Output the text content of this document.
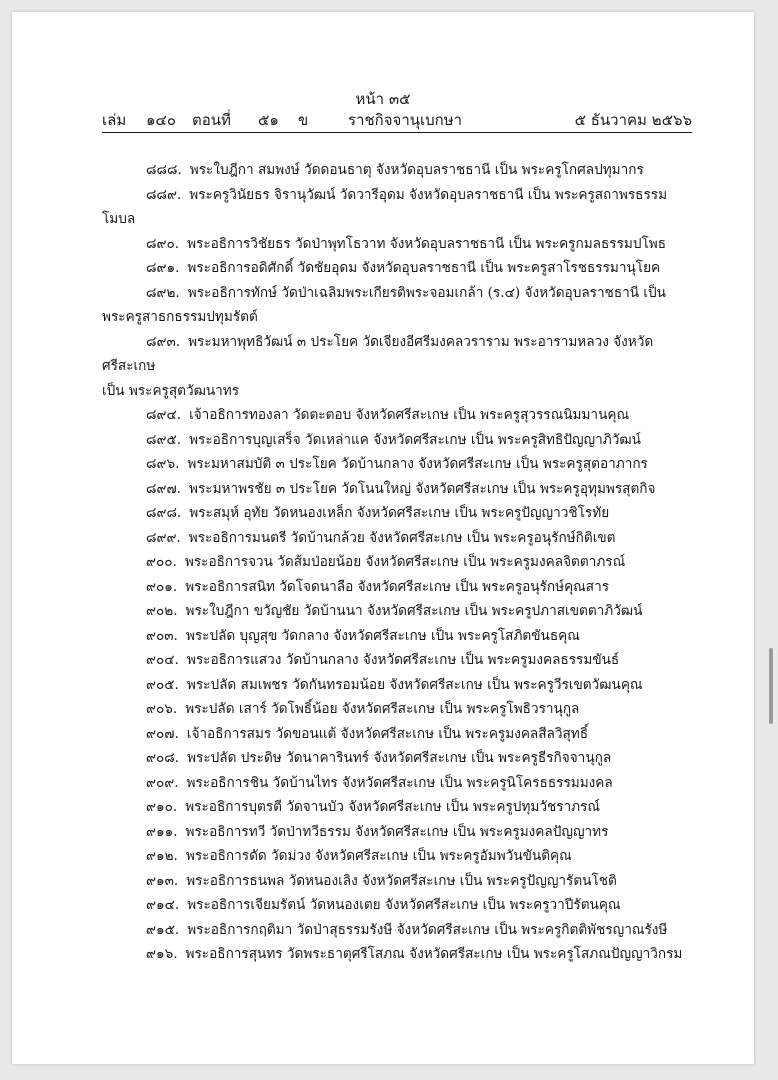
หน้า ๓๕

เล่ม ๑๔๐ ตอนที่ ๕๑ ข	ราชกิจจานุเบกษา	๕ ธันวาคม ๒๕๖๖
๘๘๘. พระใบฎีกา สมพงษ์ วัดดอนธาตุ จังหวัดอุบลราชธานี เป็น พระครูโกศลปทุมากร
๘๘๙. พระครูวินัยธร จิรานุวัฒน์ วัดวารีอุดม จังหวัดอุบลราชธานี เป็น พระครูสถาพรธรรมโมบล
๘๙๐. พระอธิการวิชัยธร วัดป่าพุทโธวาท จังหวัดอุบลราชธานี เป็น พระครูกมลธรรมปโพธ
๘๙๑. พระอธิการอดิศักดิ์ วัดชัยอุดม จังหวัดอุบลราชธานี เป็น พระครูสาโรชธรรมานุโยค
๘๙๒. พระอธิการทักษ์ วัดป่าเฉลิมพระเกียรติพระจอมเกล้า (ร.๔) จังหวัดอุบลราชธานี เป็น
พระครูสาธกธรรมปทุมรัตต์
๘๙๓. พระมหาพุทธิวัฒน์ ๓ ประโยค วัดเจียงอีศรีมงคลวราราม พระอารามหลวง จังหวัดศรีสะเกษ
เป็น พระครูสุตวัฒนาทร
๘๙๔. เจ้าอธิการทองลา วัดตะตอบ จังหวัดศรีสะเกษ เป็น พระครูสุวรรณนิมมานคุณ
๘๙๕. พระอธิการบุญเสร็จ วัดเหล่าแค จังหวัดศรีสะเกษ เป็น พระครูสิทธิปัญญาภิวัฒน์
๘๙๖. พระมหาสมบัติ ๓ ประโยค วัดบ้านกลาง จังหวัดศรีสะเกษ เป็น พระครูสุตอาภากร
๘๙๗. พระมหาพรชัย ๓ ประโยค วัดโนนใหญ่ จังหวัดศรีสะเกษ เป็น พระครูอุทุมพรสุตกิจ
๘๙๘. พระสมุห์ อุทัย วัดหนองเหล็ก จังหวัดศรีสะเกษ เป็น พระครูปัญญาวชิโรทัย
๘๙๙. พระอธิการมนตรี วัดบ้านกล้วย จังหวัดศรีสะเกษ เป็น พระครูอนุรักษ์กิติเขต
๙๐๐. พระอธิการจวน วัดส้มป่อยน้อย จังหวัดศรีสะเกษ เป็น พระครูมงคลจิตตาภรณ์
๙๐๑. พระอธิการสนิท วัดโจดนาลือ จังหวัดศรีสะเกษ เป็น พระครูอนุรักษ์คุณสาร
๙๐๒. พระใบฎีกา ขวัญชัย วัดบ้านนา จังหวัดศรีสะเกษ เป็น พระครูปภาสเขตตาภิวัฒน์
๙๐๓. พระปลัด บุญสุข วัดกลาง จังหวัดศรีสะเกษ เป็น พระครูโสภิตขันธคุณ
๙๐๔. พระอธิการแสวง วัดบ้านกลาง จังหวัดศรีสะเกษ เป็น พระครูมงคลธรรมขันธ์
๙๐๕. พระปลัด สมเพชร วัดกันทรอมน้อย จังหวัดศรีสะเกษ เป็น พระครูวีรเขตวัฒนคุณ
๙๐๖. พระปลัด เสาร์ วัดโพธิ์น้อย จังหวัดศรีสะเกษ เป็น พระครูโพธิวรานุกูล
๙๐๗. เจ้าอธิการสมร วัดขอนแต้ จังหวัดศรีสะเกษ เป็น พระครูมงคลสีลวิสุทธิ์
๙๐๘. พระปลัด ประดิษ วัดนาคารินทร์ จังหวัดศรีสะเกษ เป็น พระครูธีรกิจจานุกูล
๙๐๙. พระอธิการชิน วัดบ้านไทร จังหวัดศรีสะเกษ เป็น พระครูนิโครธธรรมมงคล
๙๑๐. พระอธิการบุตรตี วัดจานบัว จังหวัดศรีสะเกษ เป็น พระครูปทุมวัชราภรณ์
๙๑๑. พระอธิการทวี วัดป่าทวีธรรม จังหวัดศรีสะเกษ เป็น พระครูมงคลปัญญาทร
๙๑๒. พระอธิการดัด วัดม่วง จังหวัดศรีสะเกษ เป็น พระครูอัมพวันขันติคุณ
๙๑๓. พระอธิการธนพล วัดหนองเลิง จังหวัดศรีสะเกษ เป็น พระครูปัญญารัตนโชติ
๙๑๔. พระอธิการเจียมรัตน์ วัดหนองเตย จังหวัดศรีสะเกษ เป็น พระครูวาปีรัตนคุณ
๙๑๕. พระอธิการกฤติมา วัดป่าสุธรรมรังษี จังหวัดศรีสะเกษ เป็น พระครูกิตติพัชรญาณรังษี
๙๑๖. พระอธิการสุนทร วัดพระธาตุศรีโสภณ จังหวัดศรีสะเกษ เป็น พระครูโสภณปัญญาวิกรม
